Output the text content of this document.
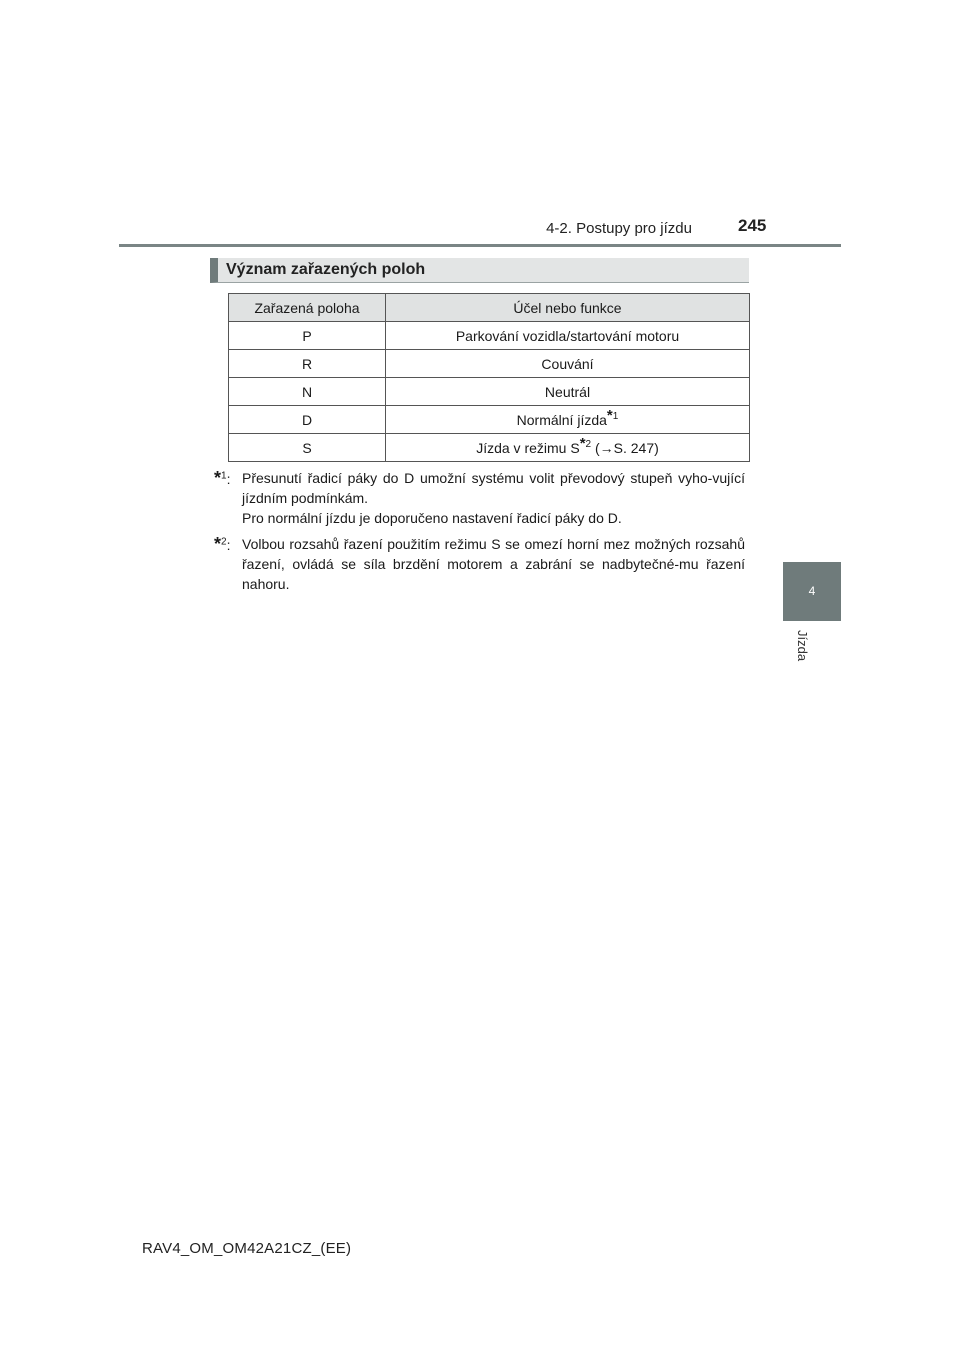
4-2. Postupy pro jízdu	245
4
Jízda
Význam zařazených poloh
Zařazená poloha	Účel nebo funkce
P	Parkování vozidla/startování motoru
R	Couvání
N	Neutrál
D	Normální jízda$^{*1}$
S	Jízda v režimu $S^{*2}$ (→S. 247)
*$^1$: Přesunutí řadicí páky do D umožní systému volit převodový stupeň vyho-vující jízdním podmínkám.
Pro normální jízdu je doporučeno nastavení řadicí páky do D.
*$^2$: Volbou rozsahů řazení použitím režimu S se omezí horní mez možných rozsahů řazení, ovládá se síla brzdění motorem a zabrání se nadbytečné-mu řazení nahoru.
RAV4_OM_OM42A21CZ_(EE)
